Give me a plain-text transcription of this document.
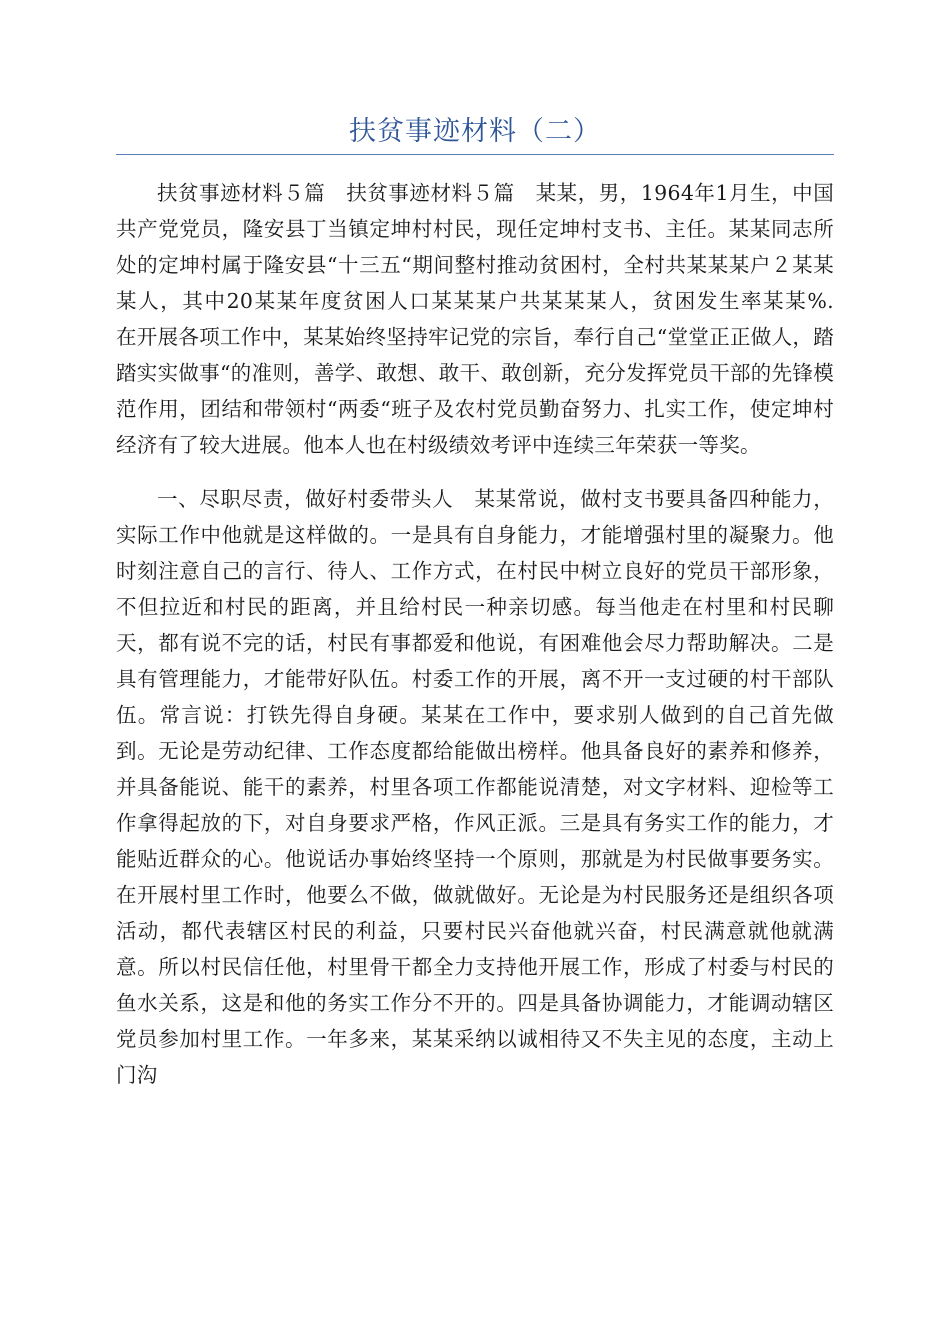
扶贫事迹材料（二）

扶贫事迹材料５篇　扶贫事迹材料５篇　某某，男，1964年1月生，中国共产党党员，隆安县丁当镇定坤村村民，现任定坤村支书、主任。某某同志所处的定坤村属于隆安县“十三五“期间整村推动贫困村，全村共某某某户２某某某人，其中20某某年度贫困人口某某某户共某某某人，贫困发生率某某%.　在开展各项工作中，某某始终坚持牢记党的宗旨，奉行自己“堂堂正正做人，踏踏实实做事“的准则，善学、敢想、敢干、敢创新，充分发挥党员干部的先锋模范作用，团结和带领村“两委“班子及农村党员勤奋努力、扎实工作，使定坤村经济有了较大进展。他本人也在村级绩效考评中连续三年荣获一等奖。

一、尽职尽责，做好村委带头人　某某常说，做村支书要具备四种能力，实际工作中他就是这样做的。一是具有自身能力，才能增强村里的凝聚力。他时刻注意自己的言行、待人、工作方式，在村民中树立良好的党员干部形象，不但拉近和村民的距离，并且给村民一种亲切感。每当他走在村里和村民聊天，都有说不完的话，村民有事都爱和他说，有困难他会尽力帮助解决。二是具有管理能力，才能带好队伍。村委工作的开展，离不开一支过硬的村干部队伍。常言说：打铁先得自身硬。某某在工作中，要求别人做到的自己首先做到。无论是劳动纪律、工作态度都给能做出榜样。他具备良好的素养和修养，并具备能说、能干的素养，村里各项工作都能说清楚，对文字材料、迎检等工作拿得起放的下，对自身要求严格，作风正派。三是具有务实工作的能力，才能贴近群众的心。他说话办事始终坚持一个原则，那就是为村民做事要务实。在开展村里工作时，他要么不做，做就做好。无论是为村民服务还是组织各项活动，都代表辖区村民的利益，只要村民兴奋他就兴奋，村民满意就他就满意。所以村民信任他，村里骨干都全力支持他开展工作，形成了村委与村民的鱼水关系，这是和他的务实工作分不开的。四是具备协调能力，才能调动辖区党员参加村里工作。一年多来，某某采纳以诚相待又不失主见的态度，主动上门沟
